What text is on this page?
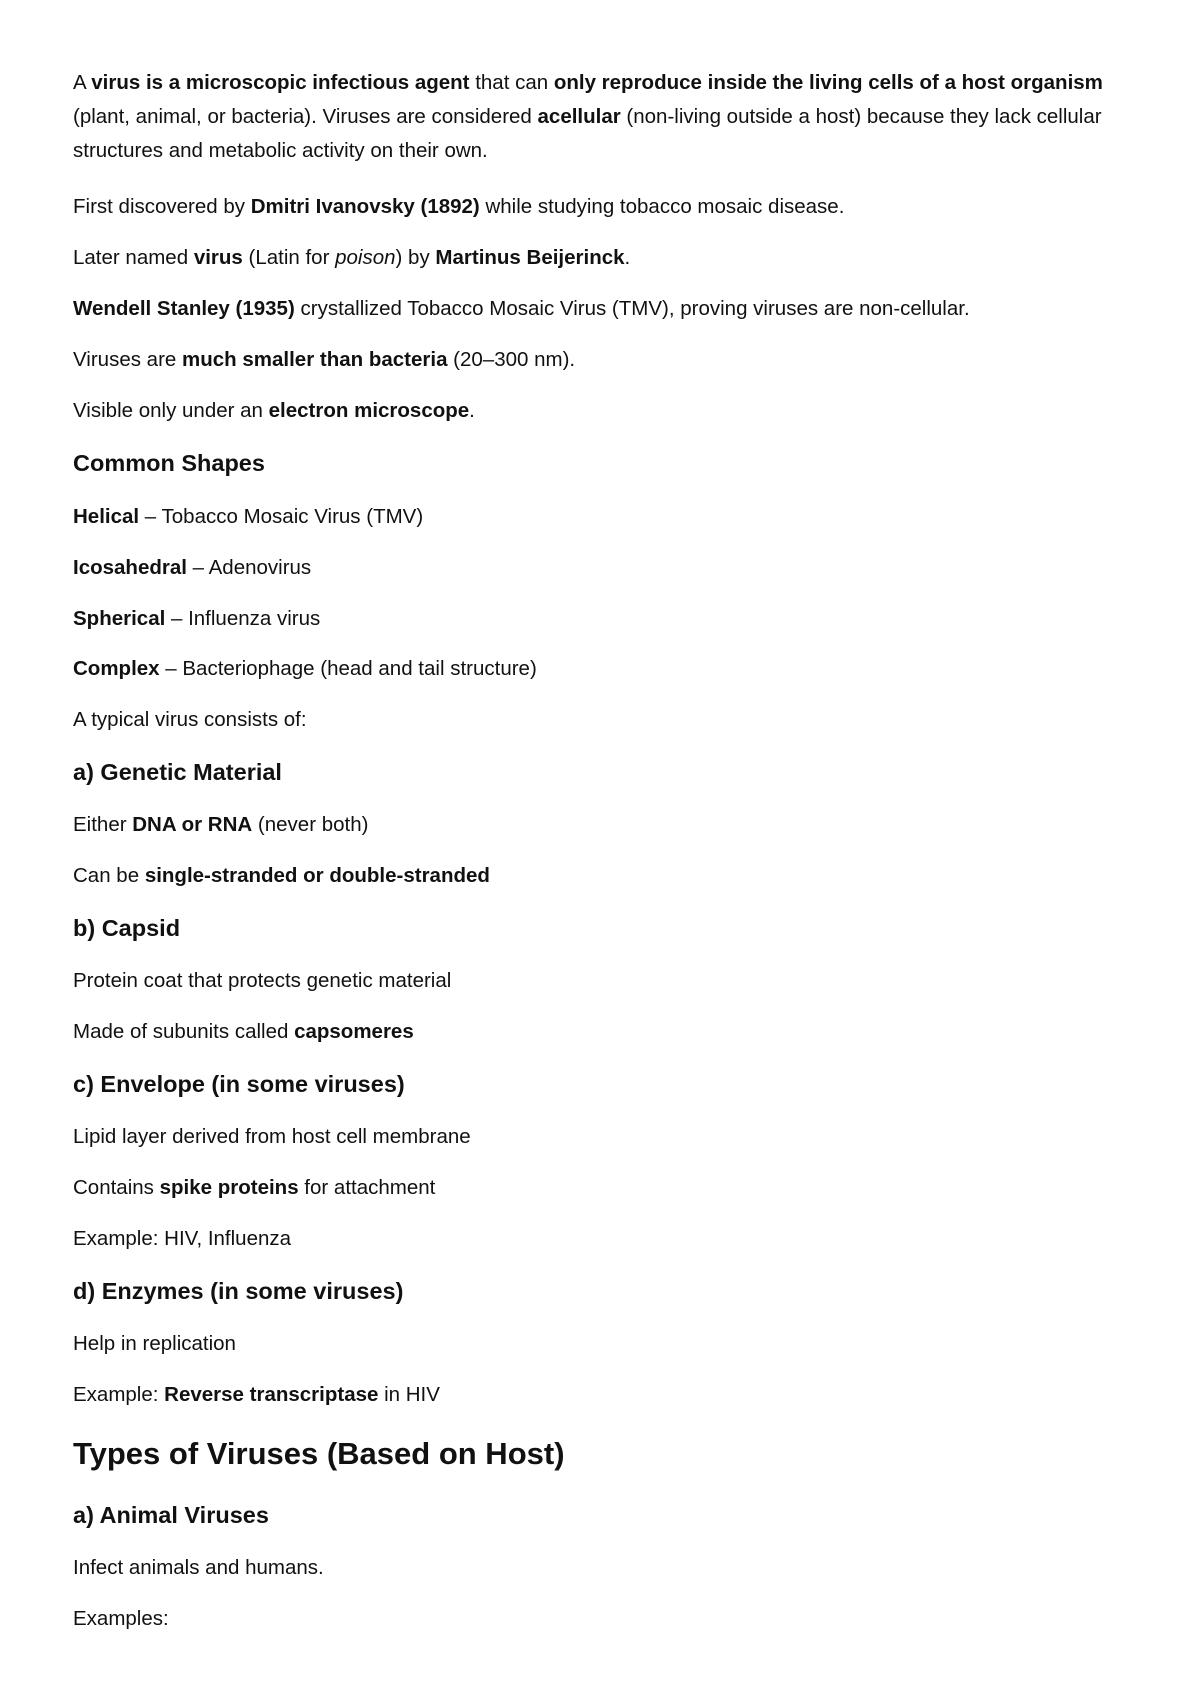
A virus is a microscopic infectious agent that can only reproduce inside the living cells of a host organism (plant, animal, or bacteria). Viruses are considered acellular (non-living outside a host) because they lack cellular structures and metabolic activity on their own.

First discovered by Dmitri Ivanovsky (1892) while studying tobacco mosaic disease.

Later named virus (Latin for poison) by Martinus Beijerinck.

Wendell Stanley (1935) crystallized Tobacco Mosaic Virus (TMV), proving viruses are non-cellular.

Viruses are much smaller than bacteria (20–300 nm).

Visible only under an electron microscope.

Common Shapes

Helical – Tobacco Mosaic Virus (TMV)

Icosahedral – Adenovirus

Spherical – Influenza virus

Complex – Bacteriophage (head and tail structure)

A typical virus consists of:

a) Genetic Material

Either DNA or RNA (never both)

Can be single-stranded or double-stranded

b) Capsid

Protein coat that protects genetic material

Made of subunits called capsomeres

c) Envelope (in some viruses)

Lipid layer derived from host cell membrane

Contains spike proteins for attachment

Example: HIV, Influenza

d) Enzymes (in some viruses)

Help in replication

Example: Reverse transcriptase in HIV

Types of Viruses (Based on Host)
a) Animal Viruses

Infect animals and humans.

Examples:
